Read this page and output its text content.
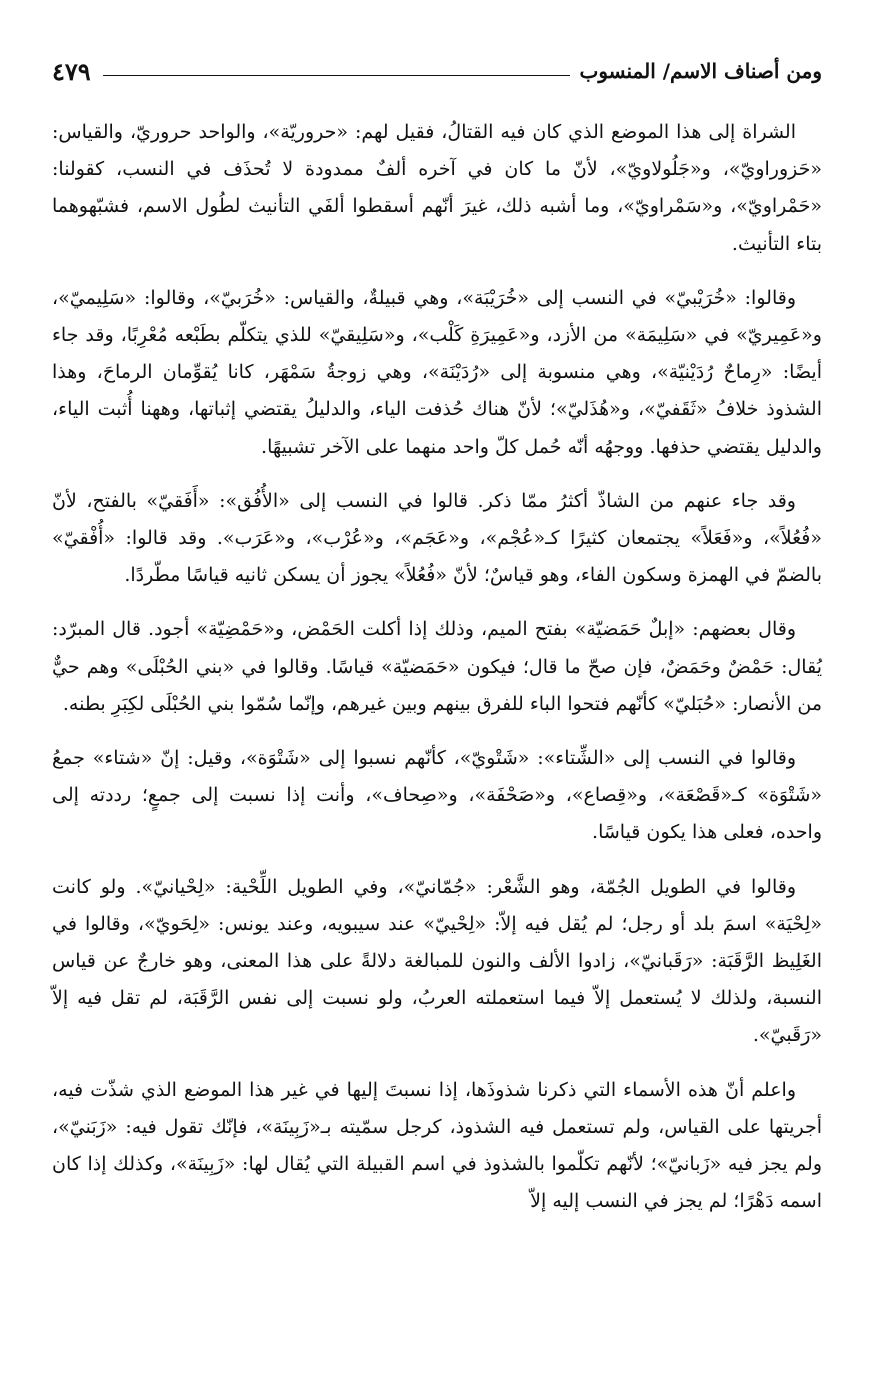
ومن أصناف الاسم/ المنسوب
٤٧٩

الشراة إلى هذا الموضع الذي كان فيه القتالُ، فقيل لهم: «حروريّة»، والواحد حروريّ، والقياس: «حَزوراويّ»، و«جَلُولاويّ»، لأنّ ما كان في آخره ألفٌ ممدودة لا تُحذَف في النسب، كقولنا: «حَمْراويّ»، و«سَمْراويّ»، وما أشبه ذلك، غيرَ أنّهم أسقطوا ألفَي التأنيث لطُول الاسم، فشبّهوهما بتاء التأنيث.

وقالوا: «خُرَيْبيّ» في النسب إلى «خُرَيْبَة»، وهي قبيلةٌ، والقياس: «خُرَبيّ»، وقالوا: «سَلِيميّ»، و«عَمِيريّ» في «سَلِيمَة» من الأزد، و«عَمِيرَةِ كَلْب»، و«سَلِيقيّ» للذي يتكلّم بطَبْعه مُعْرِبًا، وقد جاء أيضًا: «رِماحٌ رُدَيْنيّة»، وهي منسوبة إلى «رُدَيْنَة»، وهي زوجةُ سَمْهَر، كانا يُقوِّمان الرماحَ، وهذا الشذوذ خلافُ «ثَقَفيّ»، و«هُذَليّ»؛ لأنّ هناك حُذفت الياء، والدليلُ يقتضي إثباتها، وههنا أُثبت الياء، والدليل يقتضي حذفها. ووجهُه أنّه حُمل كلّ واحد منهما على الآخر تشبيهًا.

وقد جاء عنهم من الشاذّ أكثرُ ممّا ذكر. قالوا في النسب إلى «الأُفُق»: «أَفَقيّ» بالفتح، لأنّ «فُعُلاً»، و«فَعَلاً» يجتمعان كثيرًا كـ«عُجْم»، و«عَجَم»، و«عُرْب»، و«عَرَب». وقد قالوا: «أُفْقيّ» بالضمّ في الهمزة وسكون الفاء، وهو قياسٌ؛ لأنّ «فُعُلاً» يجوز أن يسكن ثانيه قياسًا مطّردًا.

وقال بعضهم: «إبلٌ حَمَضيّة» بفتح الميم، وذلك إذا أكلت الحَمْض، و«حَمْضِيّة» أجود. قال المبرّد: يُقال: حَمْضٌ وحَمَضٌ، فإن صحّ ما قال؛ فيكون «حَمَضيّة» قياسًا. وقالوا في «بني الحُبْلَى» وهم حيٌّ من الأنصار: «حُبَليّ» كأنّهم فتحوا الباء للفرق بينهم وبين غيرهم، وإنّما سُمّوا بني الحُبْلَى لكِبَرِ بطنه.

وقالوا في النسب إلى «الشِّتاء»: «شَتْويّ»، كأنّهم نسبوا إلى «شَتْوَة»، وقيل: إنّ «شتاء» جمعُ «شَتْوَة» كـ«قَصْعَة»، و«قِصاع»، و«صَحْفَة»، و«صِحاف»، وأنت إذا نسبت إلى جمعٍ؛ رددته إلى واحده، فعلى هذا يكون قياسًا.

وقالوا في الطويل الجُمّة، وهو الشَّعْر: «جُمّانيّ»، وفي الطويل اللِّحْية: «لِحْيانيّ». ولو كانت «لِحْيَة» اسمَ بلد أو رجل؛ لم يُقل فيه إلاّ: «لِحْييّ» عند سيبويه، وعند يونس: «لِحَويّ»، وقالوا في الغَلِيظ الرَّقَبَة: «رَقَبانيّ»، زادوا الألف والنون للمبالغة دلالةً على هذا المعنى، وهو خارجٌ عن قياس النسبة، ولذلك لا يُستعمل إلاّ فيما استعملته العربُ، ولو نسبت إلى نفس الرَّقَبَة، لم تقل فيه إلاّ «رَقَبيّ».

واعلم أنّ هذه الأسماء التي ذكرنا شذوذَها، إذا نسبتَ إليها في غير هذا الموضع الذي شذّت فيه، أجريتها على القياس، ولم تستعمل فيه الشذوذ، كرجل سمّيته بـ«زَبِينَة»، فإنّك تقول فيه: «زَبَنيّ»، ولم يجز فيه «زَبانيّ»؛ لأنّهم تكلّموا بالشذوذ في اسم القبيلة التي يُقال لها: «زَبِينَة»، وكذلك إذا كان اسمه دَهْرًا؛ لم يجز في النسب إليه إلاّ
